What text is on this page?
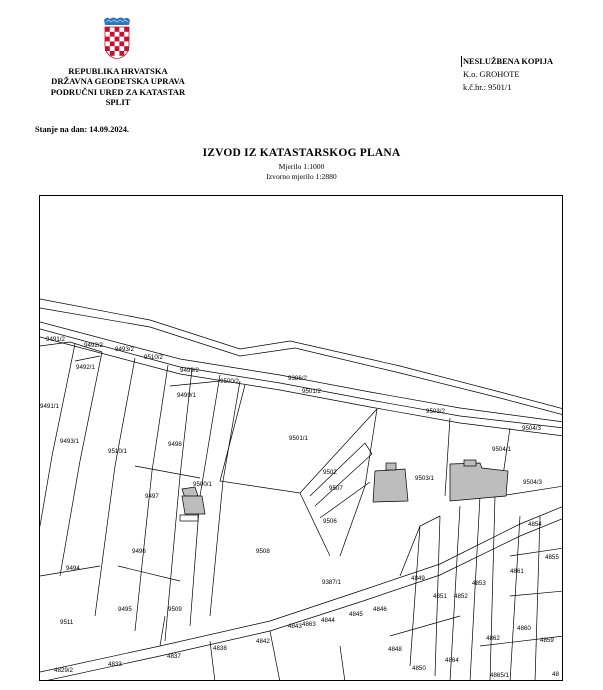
REPUBLIKA HRVATSKA
DRŽAVNA GEODETSKA UPRAVA
PODRUČNI URED ZA KATASTAR
SPLIT
Stanje na dan: 14.09.2024.
NESLUŽBENA KOPIJA
K.o. GROHOTE
k.č.br.: 9501/1
IZVOD IZ KATASTARSKOG PLANA
Mjerilo 1:1000
Izvorno mjerilo 1:2880
9491/2
9492/2
9493/2
9510/2
9492/1	9499/2
9500/2	9386/2
9501/2
9491/1
9499/1
9503/2
9493/1
9510/1
9498
9501/1
9504/3
9504/1
9502
9503/1
9500/1
9507
9504/3
9497
9506	4854
9496	9508
4855
4849
4861
9494
4853
9387/1
4851 4852
9495	9509
4845
4846
4860
4844
9511
4843 4863
4862
4848
4842	4859
4837
4838
4850
4833
4865/1
4829/2
4864
48
